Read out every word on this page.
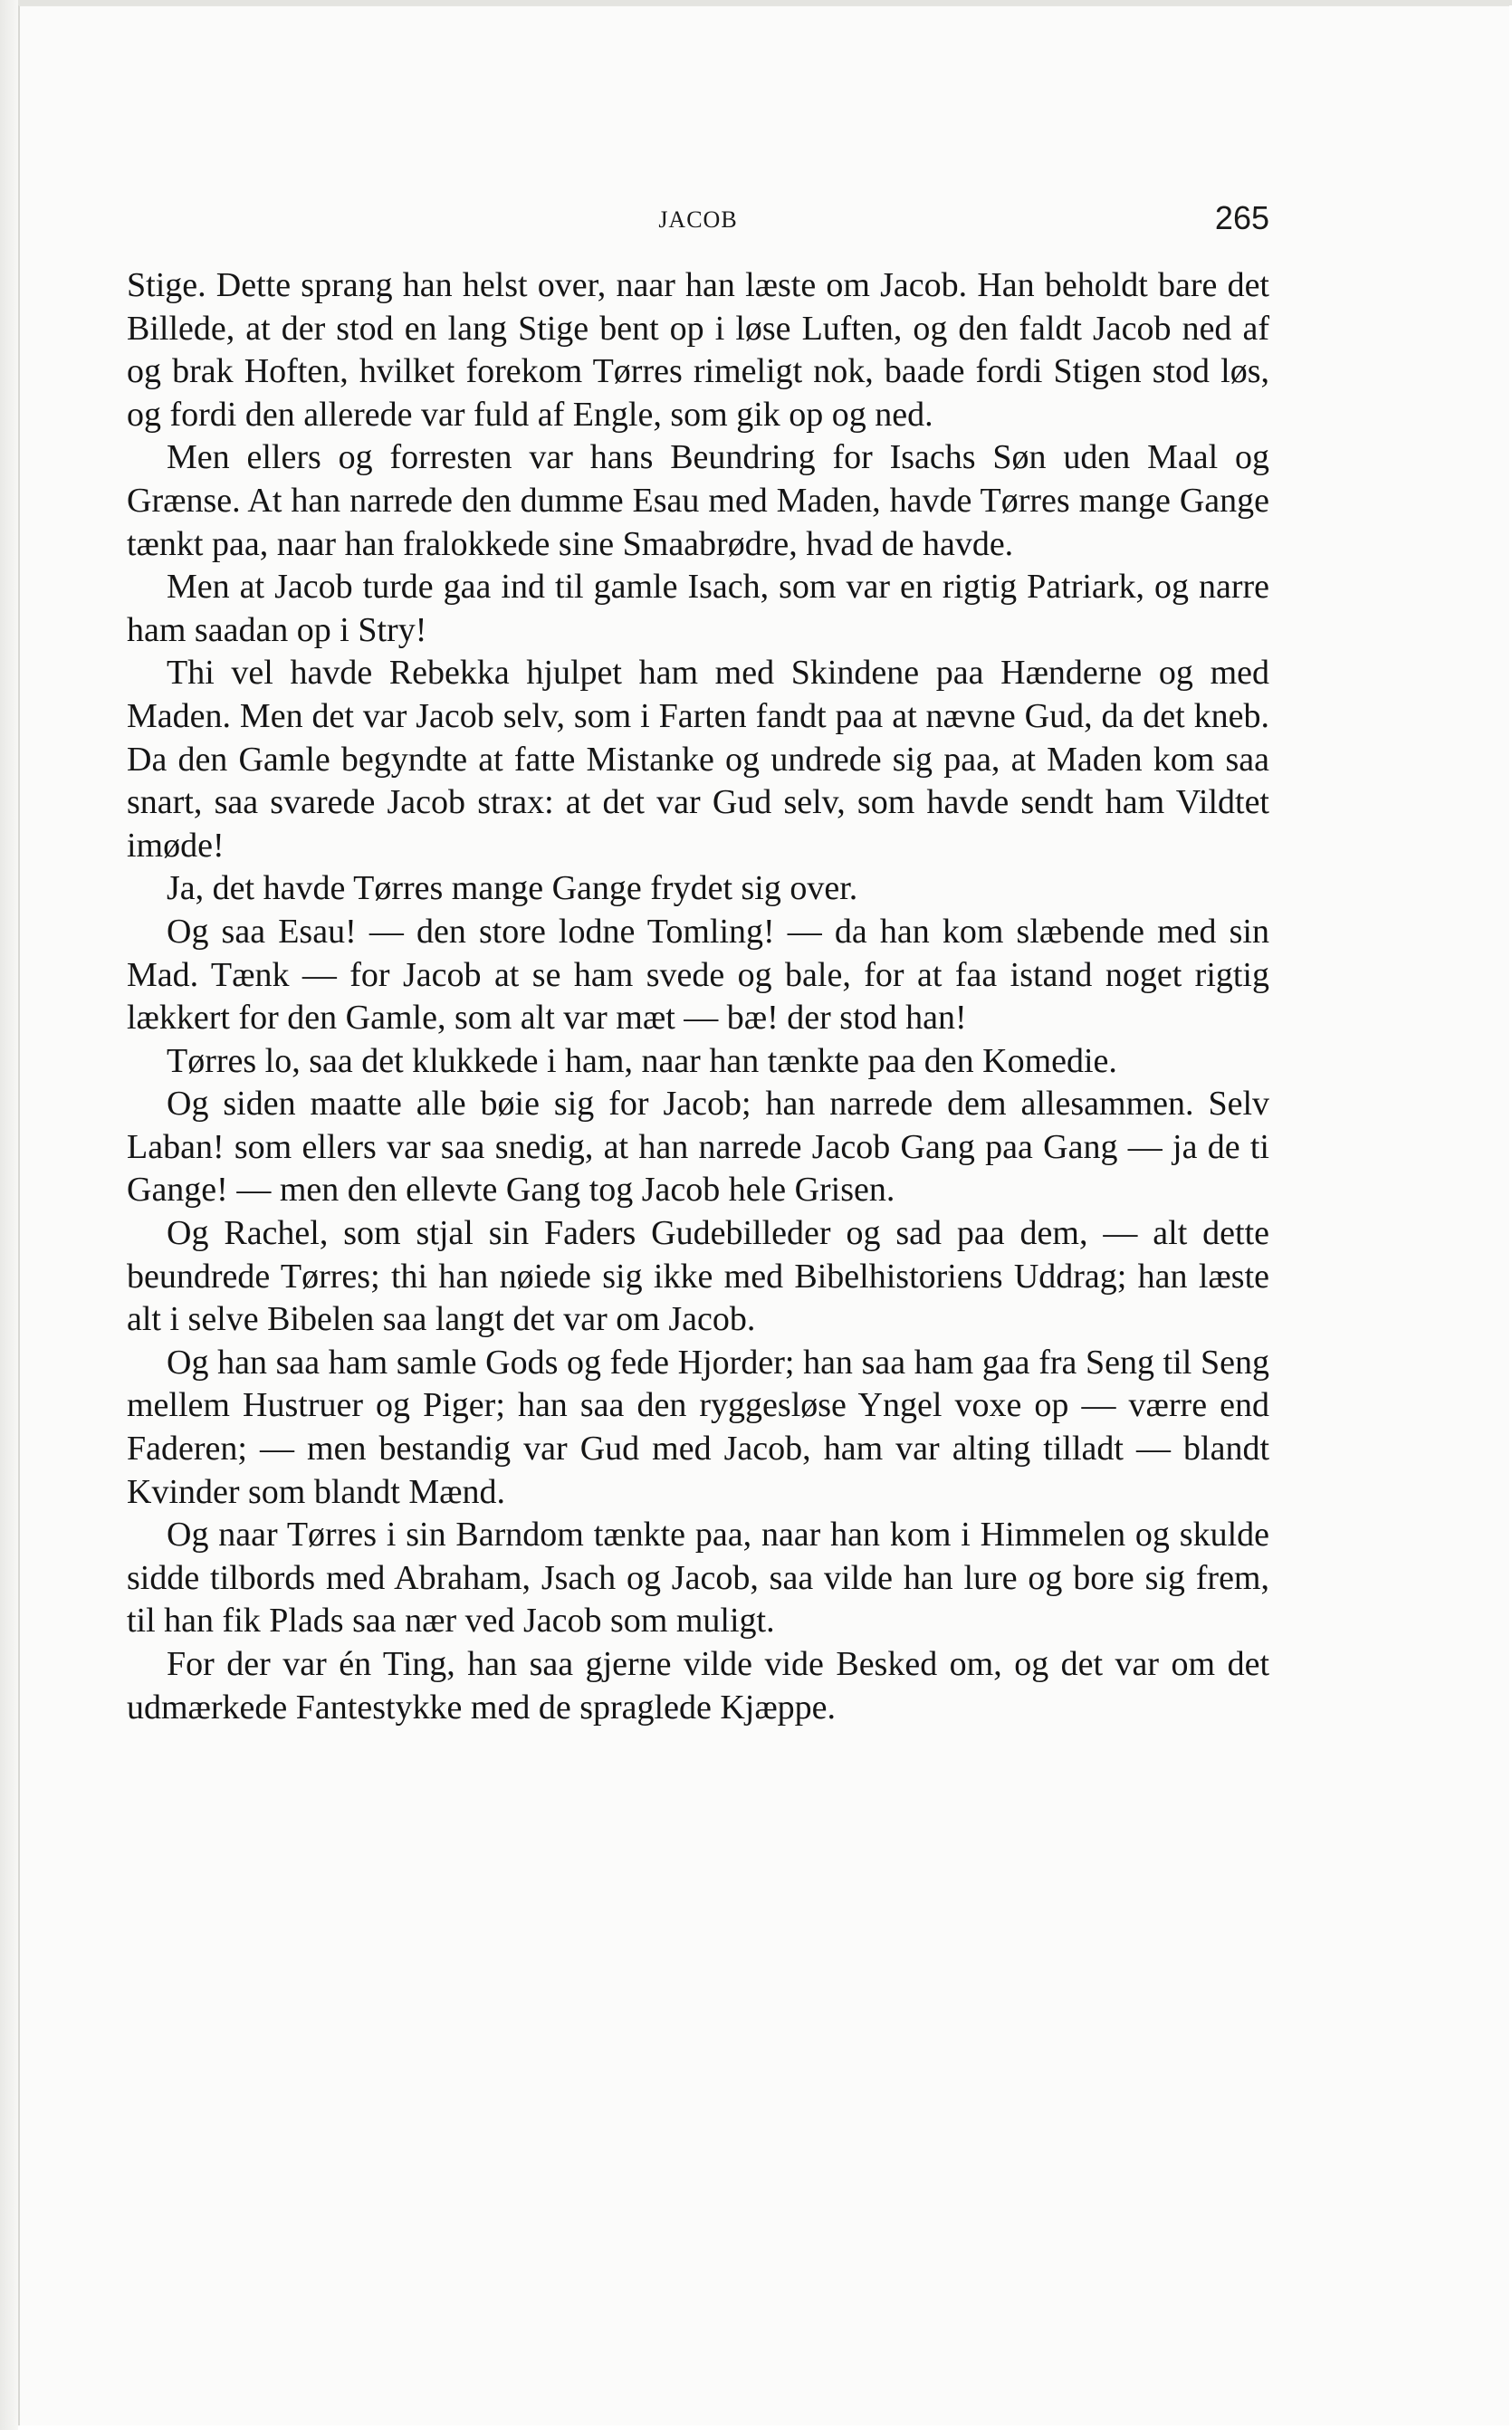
JACOB	265

Stige. Dette sprang han helst over, naar han læste om Jacob. Han beholdt bare det Billede, at der stod en lang Stige bent op i løse Luften, og den faldt Jacob ned af og brak Hoften, hvilket forekom Tørres rimeligt nok, baade fordi Stigen stod løs, og fordi den allerede var fuld af Engle, som gik op og ned.

Men ellers og forresten var hans Beundring for Isachs Søn uden Maal og Grænse. At han narrede den dumme Esau med Maden, havde Tørres mange Gange tænkt paa, naar han fralokkede sine Smaabrødre, hvad de havde.

Men at Jacob turde gaa ind til gamle Isach, som var en rigtig Patriark, og narre ham saadan op i Stry!

Thi vel havde Rebekka hjulpet ham med Skindene paa Hænderne og med Maden. Men det var Jacob selv, som i Farten fandt paa at nævne Gud, da det kneb. Da den Gamle begyndte at fatte Mistanke og undrede sig paa, at Maden kom saa snart, saa svarede Jacob strax: at det var Gud selv, som havde sendt ham Vildtet imøde!

Ja, det havde Tørres mange Gange frydet sig over.

Og saa Esau! — den store lodne Tomling! — da han kom slæbende med sin Mad. Tænk — for Jacob at se ham svede og bale, for at faa istand noget rigtig lækkert for den Gamle, som alt var mæt — bæ! der stod han!

Tørres lo, saa det klukkede i ham, naar han tænkte paa den Komedie.

Og siden maatte alle bøie sig for Jacob; han narrede dem allesammen. Selv Laban! som ellers var saa snedig, at han narrede Jacob Gang paa Gang — ja de ti Gange! — men den ellevte Gang tog Jacob hele Grisen.

Og Rachel, som stjal sin Faders Gudebilleder og sad paa dem, — alt dette beundrede Tørres; thi han nøiede sig ikke med Bibelhistoriens Uddrag; han læste alt i selve Bibelen saa langt det var om Jacob.

Og han saa ham samle Gods og fede Hjorder; han saa ham gaa fra Seng til Seng mellem Hustruer og Piger; han saa den ryggesløse Yngel voxe op — værre end Faderen; — men bestandig var Gud med Jacob, ham var alting tilladt — blandt Kvinder som blandt Mænd.

Og naar Tørres i sin Barndom tænkte paa, naar han kom i Himmelen og skulde sidde tilbords med Abraham, Jsach og Jacob, saa vilde han lure og bore sig frem, til han fik Plads saa nær ved Jacob som muligt.

For der var én Ting, han saa gjerne vilde vide Besked om, og det var om det udmærkede Fantestykke med de spraglede Kjæppe.
